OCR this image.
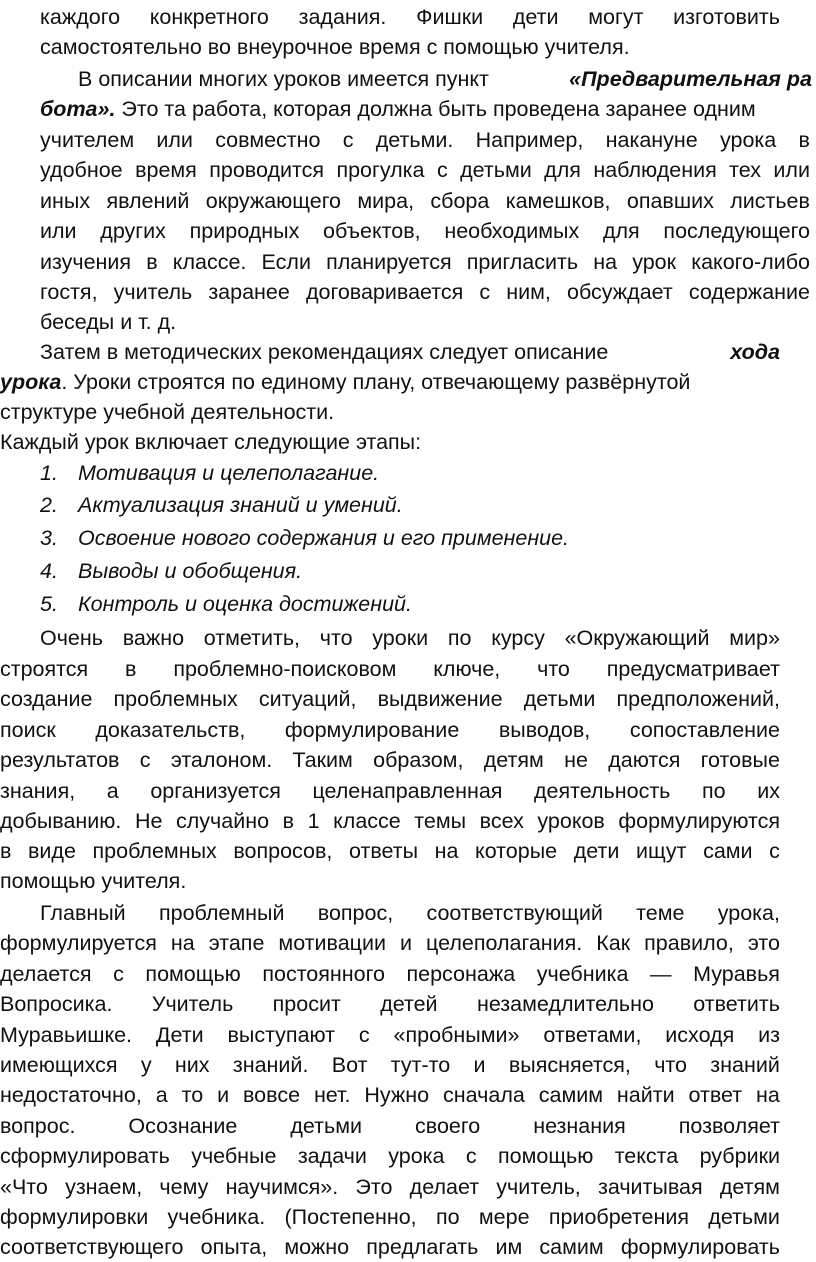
каждого конкретного задания. Фишки дети могут изготовить
самостоятельно во внеурочное время с помощью учителя.
В описании многих уроков имеется пункт	«Предварительная ра
бота». Это та работа, которая должна быть проведена заранее одним
учителем или совместно с детьми. Например, накануне урока в
удобное время проводится прогулка с детьми для наблюдения тех или
иных явлений окружающего мира, сбора камешков, опавших листьев
или других природных объектов, необходимых для последующего
изучения в классе. Если планируется пригласить на урок какого-либо
гостя, учитель заранее договаривается с ним, обсуждает содержание
беседы и т. д.
Затем в методических рекомендациях следует описание	хода
урока. Уроки строятся по единому плану, отвечающему развёрнутой
структуре учебной деятельности.
Каждый урок включает следующие этапы:
1. Мотивация и целеполагание.
2. Актуализация знаний и умений.
3. Освоение нового содержания и его применение.
4. Выводы и обобщения.
5. Контроль и оценка достижений.
Очень важно отметить, что уроки по курсу «Окружающий мир»
строятся в проблемно-поисковом ключе, что предусматривает
создание проблемных ситуаций, выдвижение детьми предположений,
поиск доказательств, формулирование выводов, сопоставление
результатов с эталоном. Таким образом, детям не даются готовые
знания, а организуется целенаправленная деятельность по их
добыванию. Не случайно в 1 классе темы всех уроков формулируются
в виде проблемных вопросов, ответы на которые дети ищут сами с
помощью учителя.
Главный проблемный вопрос, соответствующий теме урока,
формулируется на этапе мотивации и целеполагания. Как правило, это
делается с помощью постоянного персонажа учебника — Муравья
Вопросика. Учитель просит детей незамедлительно ответить
Муравьишке. Дети выступают с «пробными» ответами, исходя из
имеющихся у них знаний. Вот тут-то и выясняется, что знаний
недостаточно, а то и вовсе нет. Нужно сначала самим найти ответ на
вопрос. Осознание детьми своего незнания позволяет
сформулировать учебные задачи урока с помощью текста рубрики
«Что узнаем, чему научимся». Это делает учитель, зачитывая детям
формулировки учебника. (Постепенно, по мере приобретения детьми
соответствующего опыта, можно предлагать им самим формулировать
